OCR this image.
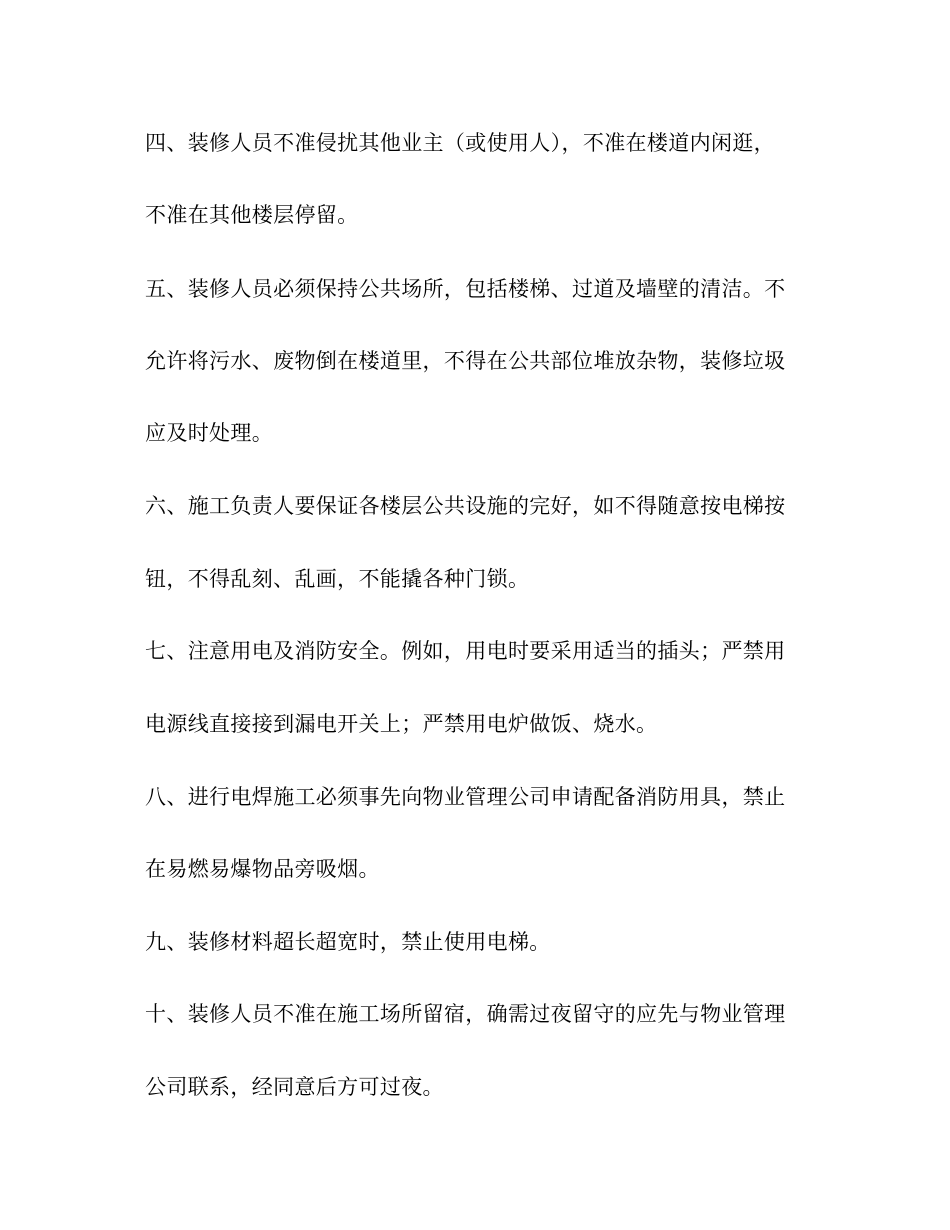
四、装修人员不准侵扰其他业主（或使用人），不准在楼道内闲逛，
不准在其他楼层停留。
五、装修人员必须保持公共场所，包括楼梯、过道及墙壁的清洁。不
允许将污水、废物倒在楼道里，不得在公共部位堆放杂物，装修垃圾
应及时处理。
六、施工负责人要保证各楼层公共设施的完好，如不得随意按电梯按
钮，不得乱刻、乱画，不能撬各种门锁。
七、注意用电及消防安全。例如，用电时要采用适当的插头；严禁用
电源线直接接到漏电开关上；严禁用电炉做饭、烧水。
八、进行电焊施工必须事先向物业管理公司申请配备消防用具，禁止
在易燃易爆物品旁吸烟。
九、装修材料超长超宽时，禁止使用电梯。
十、装修人员不准在施工场所留宿，确需过夜留守的应先与物业管理
公司联系，经同意后方可过夜。
